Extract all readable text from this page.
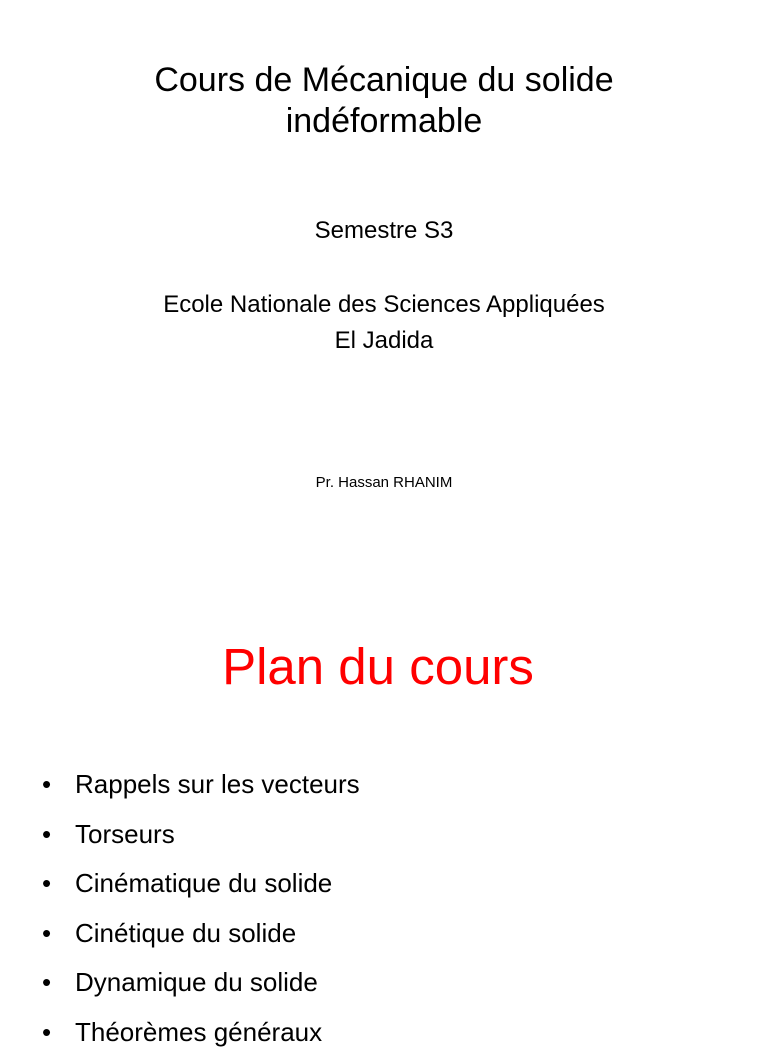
Cours de Mécanique du solide
indéformable
Semestre S3
Ecole Nationale des Sciences Appliquées
El Jadida
Pr. Hassan RHANIM
Plan du cours
• Rappels sur les vecteurs
• Torseurs
• Cinématique du solide
• Cinétique du solide
• Dynamique du solide
• Théorèmes généraux
